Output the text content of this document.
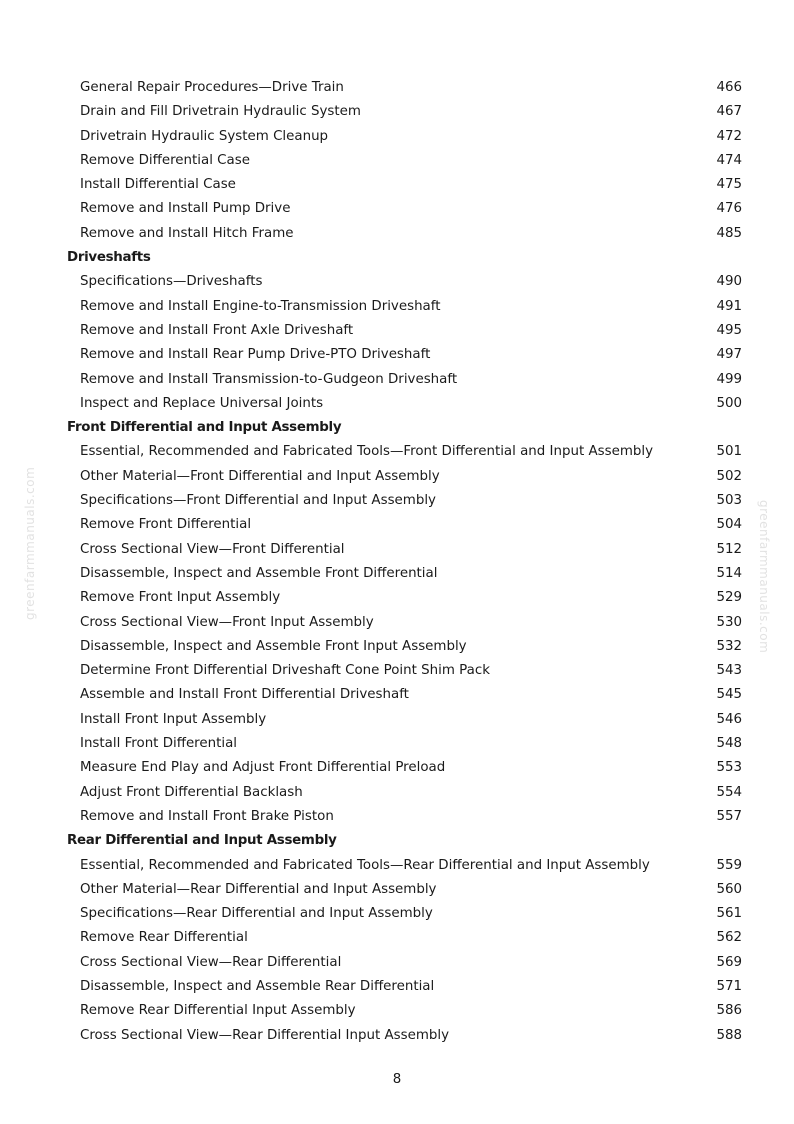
greenfarmmanuals.com	greenfarmmanuals.com
General Repair Procedures—Drive Train	466
Drain and Fill Drivetrain Hydraulic System	467
Drivetrain Hydraulic System Cleanup	472
Remove Differential Case	474
Install Differential Case	475
Remove and Install Pump Drive	476
Remove and Install Hitch Frame	485
Driveshafts
Specifications—Driveshafts	490
Remove and Install Engine-to-Transmission Driveshaft	491
Remove and Install Front Axle Driveshaft	495
Remove and Install Rear Pump Drive-PTO Driveshaft	497
Remove and Install Transmission-to-Gudgeon Driveshaft	499
Inspect and Replace Universal Joints	500
Front Differential and Input Assembly
Essential, Recommended and Fabricated Tools—Front Differential and Input Assembly	501
Other Material—Front Differential and Input Assembly	502
Specifications—Front Differential and Input Assembly	503
Remove Front Differential	504
Cross Sectional View—Front Differential	512
Disassemble, Inspect and Assemble Front Differential	514
Remove Front Input Assembly	529
Cross Sectional View—Front Input Assembly	530
Disassemble, Inspect and Assemble Front Input Assembly	532
Determine Front Differential Driveshaft Cone Point Shim Pack	543
Assemble and Install Front Differential Driveshaft	545
Install Front Input Assembly	546
Install Front Differential	548
Measure End Play and Adjust Front Differential Preload	553
Adjust Front Differential Backlash	554
Remove and Install Front Brake Piston	557
Rear Differential and Input Assembly
Essential, Recommended and Fabricated Tools—Rear Differential and Input Assembly	559
Other Material—Rear Differential and Input Assembly	560
Specifications—Rear Differential and Input Assembly	561
Remove Rear Differential	562
Cross Sectional View—Rear Differential	569
Disassemble, Inspect and Assemble Rear Differential	571
Remove Rear Differential Input Assembly	586
Cross Sectional View—Rear Differential Input Assembly	588
8
